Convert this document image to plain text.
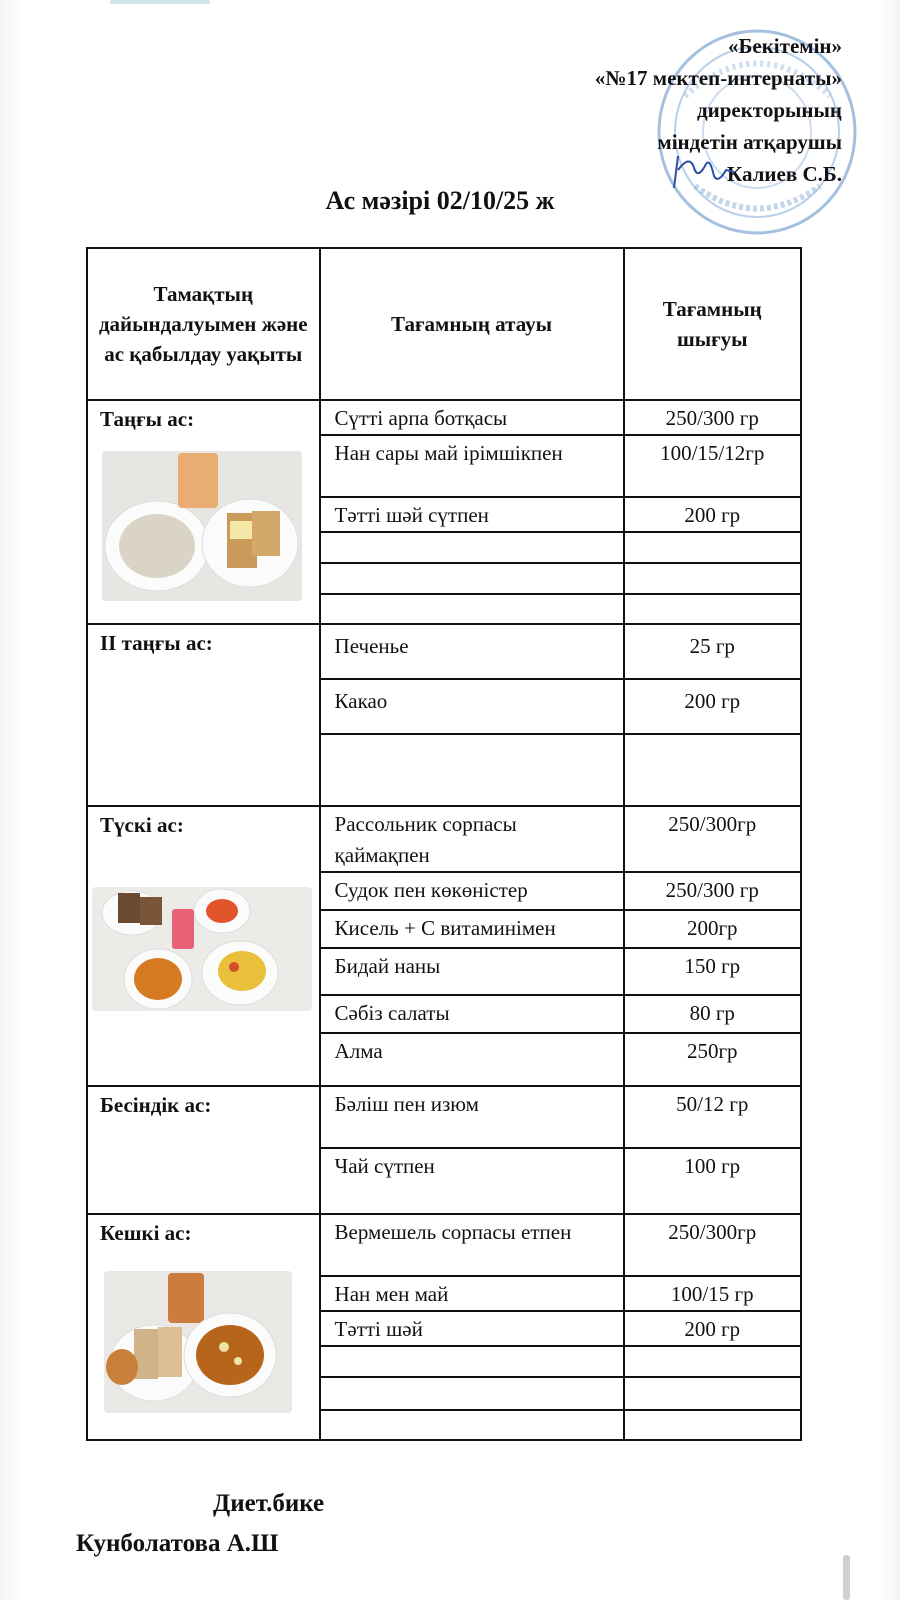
«Бекітемін»
«№17 мектеп-интернаты»
директорының
міндетін атқарушы
Калиев С.Б.
Ас мәзірі 02/10/25 ж
Тамақтың дайындалуымен және ас қабылдау уақыты	Тағамның атауы	Тағамның шығуы

Таңғы ас:	Сүтті арпа ботқасы	250/300 гр
	Нан сары май ірімшікпен	100/15/12гр
	Тәтті шәй сүтпен	200 гр

ІІ таңғы ас:	Печенье	25 гр
	Какао	200 гр

Түскі ас:	Рассольник сорпасы қаймақпен	250/300гр
	Судок пен көкөністер	250/300 гр
	Кисель + С витаминімен	200гр
	Бидай наны	150 гр
	Сәбіз салаты	80 гр
	Алма	250гр

Бесіндік ас:	Бәліш пен изюм	50/12 гр
	Чай сүтпен	100 гр

Кешкі ас:	Вермешель сорпасы етпен	250/300гр
	Нан мен май	100/15 гр
	Тәтті шәй	200 гр

Диет.бике
Кунболатова А.Ш
